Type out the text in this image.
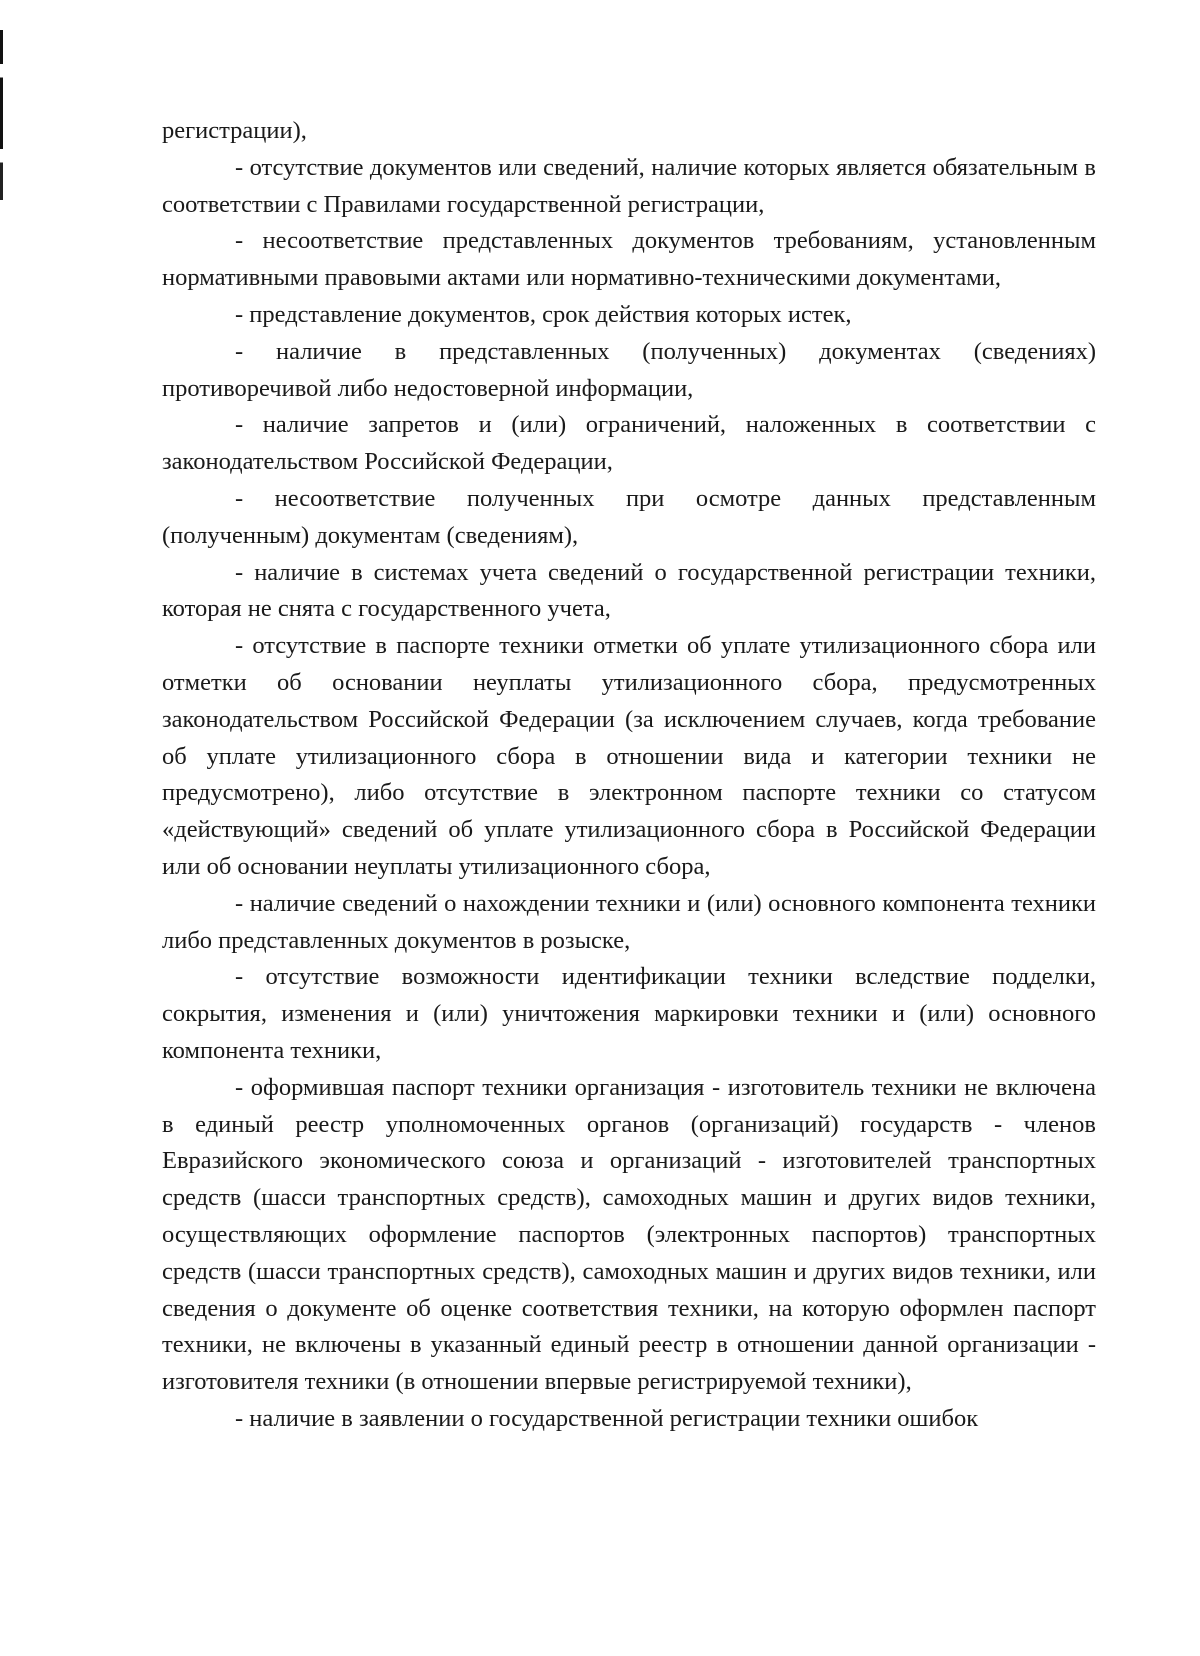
регистрации),

- отсутствие документов или сведений, наличие которых является обязательным в соответствии с Правилами государственной регистрации,

- несоответствие представленных документов требованиям, установленным нормативными правовыми актами или нормативно-техническими документами,

- представление документов, срок действия которых истек,

- наличие в представленных (полученных) документах (сведениях) противоречивой либо недостоверной информации,

- наличие запретов и (или) ограничений, наложенных в соответствии с законодательством Российской Федерации,

- несоответствие полученных при осмотре данных представленным (полученным) документам (сведениям),

- наличие в системах учета сведений о государственной регистрации техники, которая не снята с государственного учета,

- отсутствие в паспорте техники отметки об уплате утилизационного сбора или отметки об основании неуплаты утилизационного сбора, предусмотренных законодательством Российской Федерации (за исключением случаев, когда требование об уплате утилизационного сбора в отношении вида и категории техники не предусмотрено), либо отсутствие в электронном паспорте техники со статусом «действующий» сведений об уплате утилизационного сбора в Российской Федерации или об основании неуплаты утилизационного сбора,

- наличие сведений о нахождении техники и (или) основного компонента техники либо представленных документов в розыске,

- отсутствие возможности идентификации техники вследствие подделки, сокрытия, изменения и (или) уничтожения маркировки техники и (или) основного компонента техники,

- оформившая паспорт техники организация - изготовитель техники не включена в единый реестр уполномоченных органов (организаций) государств - членов Евразийского экономического союза и организаций - изготовителей транспортных средств (шасси транспортных средств), самоходных машин и других видов техники, осуществляющих оформление паспортов (электронных паспортов) транспортных средств (шасси транспортных средств), самоходных машин и других видов техники, или сведения о документе об оценке соответствия техники, на которую оформлен паспорт техники, не включены в указанный единый реестр в отношении данной организации - изготовителя техники (в отношении впервые регистрируемой техники),

- наличие в заявлении о государственной регистрации техники ошибок
